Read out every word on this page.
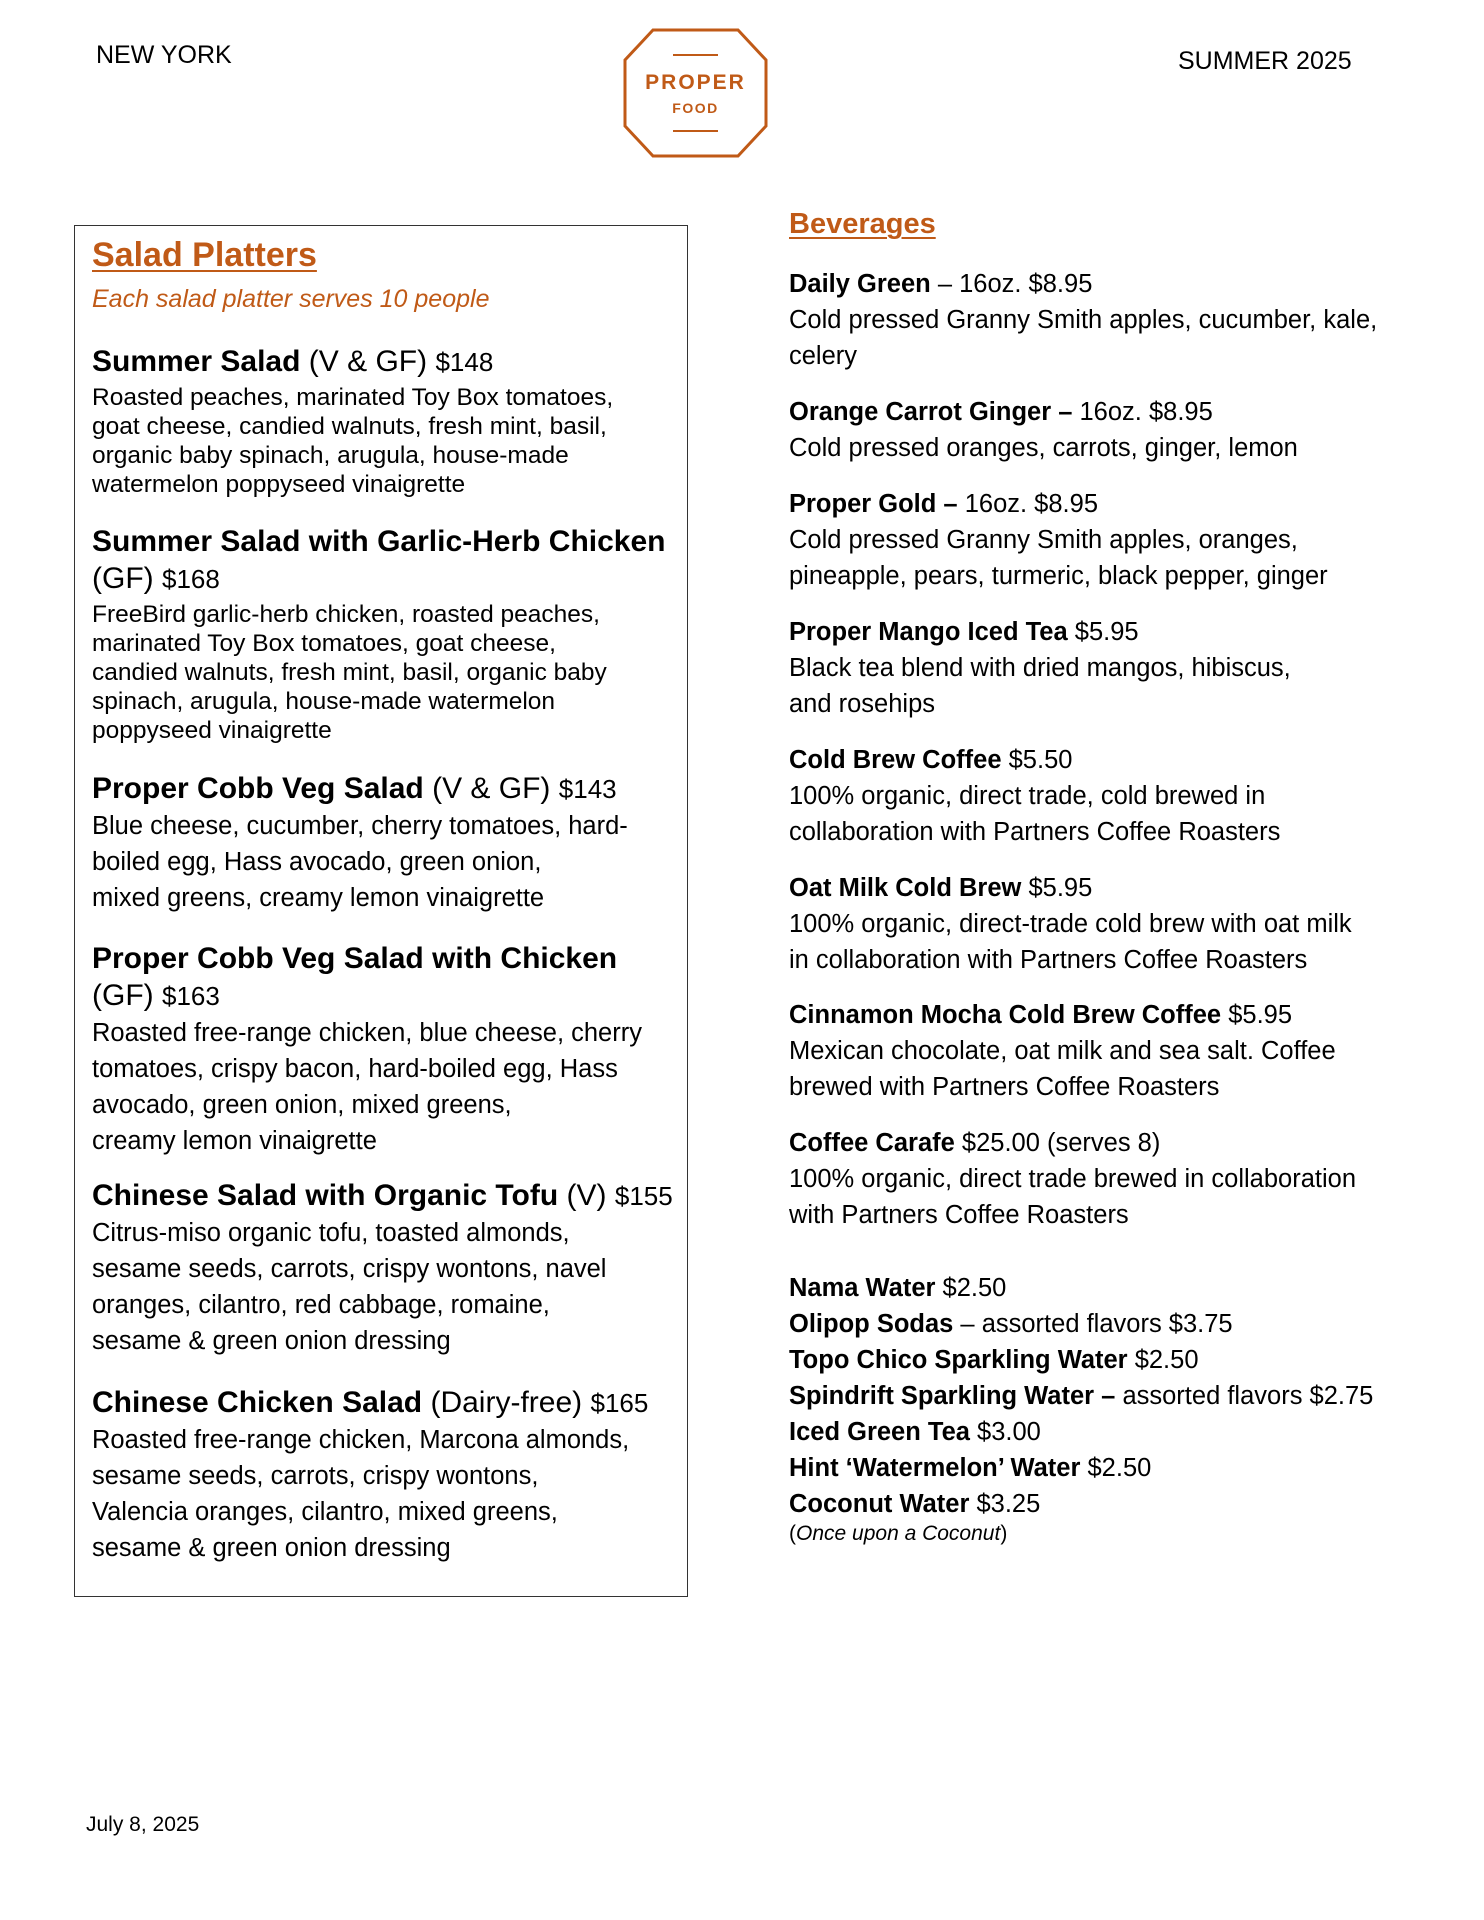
NEW YORK	SUMMER 2025
PROPER
FOOD
Salad Platters
Each salad platter serves 10 people
Summer Salad (V & GF) $148
Roasted peaches, marinated Toy Box tomatoes,
goat cheese, candied walnuts, fresh mint, basil,
organic baby spinach, arugula, house-made
watermelon poppyseed vinaigrette
Summer Salad with Garlic-Herb Chicken (GF) $168
FreeBird garlic-herb chicken, roasted peaches,
marinated Toy Box tomatoes, goat cheese,
candied walnuts, fresh mint, basil, organic baby
spinach, arugula, house-made watermelon
poppyseed vinaigrette
Proper Cobb Veg Salad (V & GF) $143
Blue cheese, cucumber, cherry tomatoes, hard-
boiled egg, Hass avocado, green onion,
mixed greens, creamy lemon vinaigrette
Proper Cobb Veg Salad with Chicken (GF) $163
Roasted free-range chicken, blue cheese, cherry
tomatoes, crispy bacon, hard-boiled egg, Hass
avocado, green onion, mixed greens,
creamy lemon vinaigrette
Chinese Salad with Organic Tofu (V) $155
Citrus-miso organic tofu, toasted almonds,
sesame seeds, carrots, crispy wontons, navel
oranges, cilantro, red cabbage, romaine,
sesame & green onion dressing
Chinese Chicken Salad (Dairy-free) $165
Roasted free-range chicken, Marcona almonds,
sesame seeds, carrots, crispy wontons,
Valencia oranges, cilantro, mixed greens,
sesame & green onion dressing
Beverages
Daily Green – 16oz. $8.95
Cold pressed Granny Smith apples, cucumber, kale,
celery
Orange Carrot Ginger – 16oz. $8.95
Cold pressed oranges, carrots, ginger, lemon
Proper Gold – 16oz. $8.95
Cold pressed Granny Smith apples, oranges,
pineapple, pears, turmeric, black pepper, ginger
Proper Mango Iced Tea $5.95
Black tea blend with dried mangos, hibiscus,
and rosehips
Cold Brew Coffee $5.50
100% organic, direct trade, cold brewed in
collaboration with Partners Coffee Roasters
Oat Milk Cold Brew $5.95
100% organic, direct-trade cold brew with oat milk
in collaboration with Partners Coffee Roasters
Cinnamon Mocha Cold Brew Coffee $5.95
Mexican chocolate, oat milk and sea salt. Coffee
brewed with Partners Coffee Roasters
Coffee Carafe $25.00 (serves 8)
100% organic, direct trade brewed in collaboration
with Partners Coffee Roasters
Nama Water $2.50
Olipop Sodas – assorted flavors $3.75
Topo Chico Sparkling Water $2.50
Spindrift Sparkling Water – assorted flavors $2.75
Iced Green Tea $3.00
Hint ‘Watermelon’ Water $2.50
Coconut Water $3.25
(Once upon a Coconut)
July 8, 2025
